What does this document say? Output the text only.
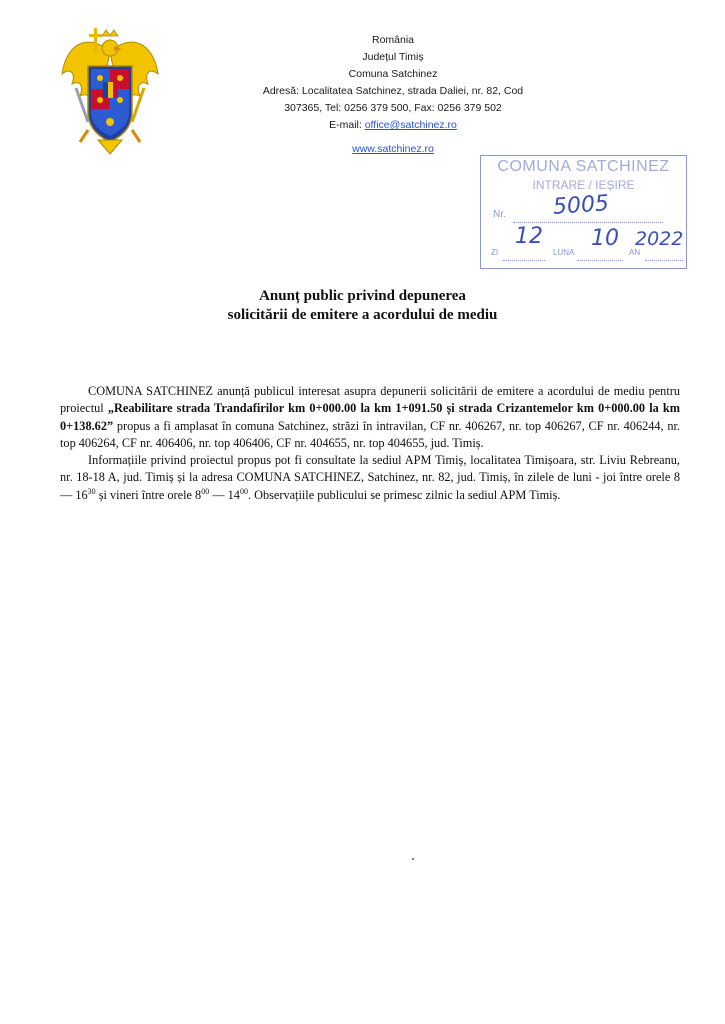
România
Județul Timiș
Comuna Satchinez
Adresă: Localitatea Satchinez, strada Daliei, nr. 82, Cod
307365, Tel: 0256 379 500, Fax: 0256 379 502
E-mail: office@satchinez.ro
www.satchinez.ro
COMUNA SATCHINEZ
INTRARE / IEȘIRE
Nr. 5005
ZI
12
LUNA
10
AN
2022
Anunț public privind depunerea
solicitării de emitere a acordului de mediu

COMUNA SATCHINEZ anunță publicul interesat asupra depunerii solicitării de emitere a acordului de mediu pentru proiectul „Reabilitare strada Trandafirilor km 0+000.00 la km 1+091.50 și strada Crizantemelor km 0+000.00 la km 0+138.62” propus a fi amplasat în comuna Satchinez, străzi în intravilan, CF nr. 406267, nr. top 406267, CF nr. 406244, nr. top 406264, CF nr. 406406, nr. top 406406, CF nr. 404655, nr. top 404655, jud. Timiș.

Informațiile privind proiectul propus pot fi consultate la sediul APM Timiș, localitatea Timișoara, str. Liviu Rebreanu, nr. 18-18 A, jud. Timiș și la adresa COMUNA SATCHINEZ, Satchinez, nr. 82, jud. Timiș, în zilele de luni - joi între orele 8 — $16^{30}$ și vineri între orele $8^{00}$ — $14^{00}$. Observațiile publicului se primesc zilnic la sediul APM Timiș.
